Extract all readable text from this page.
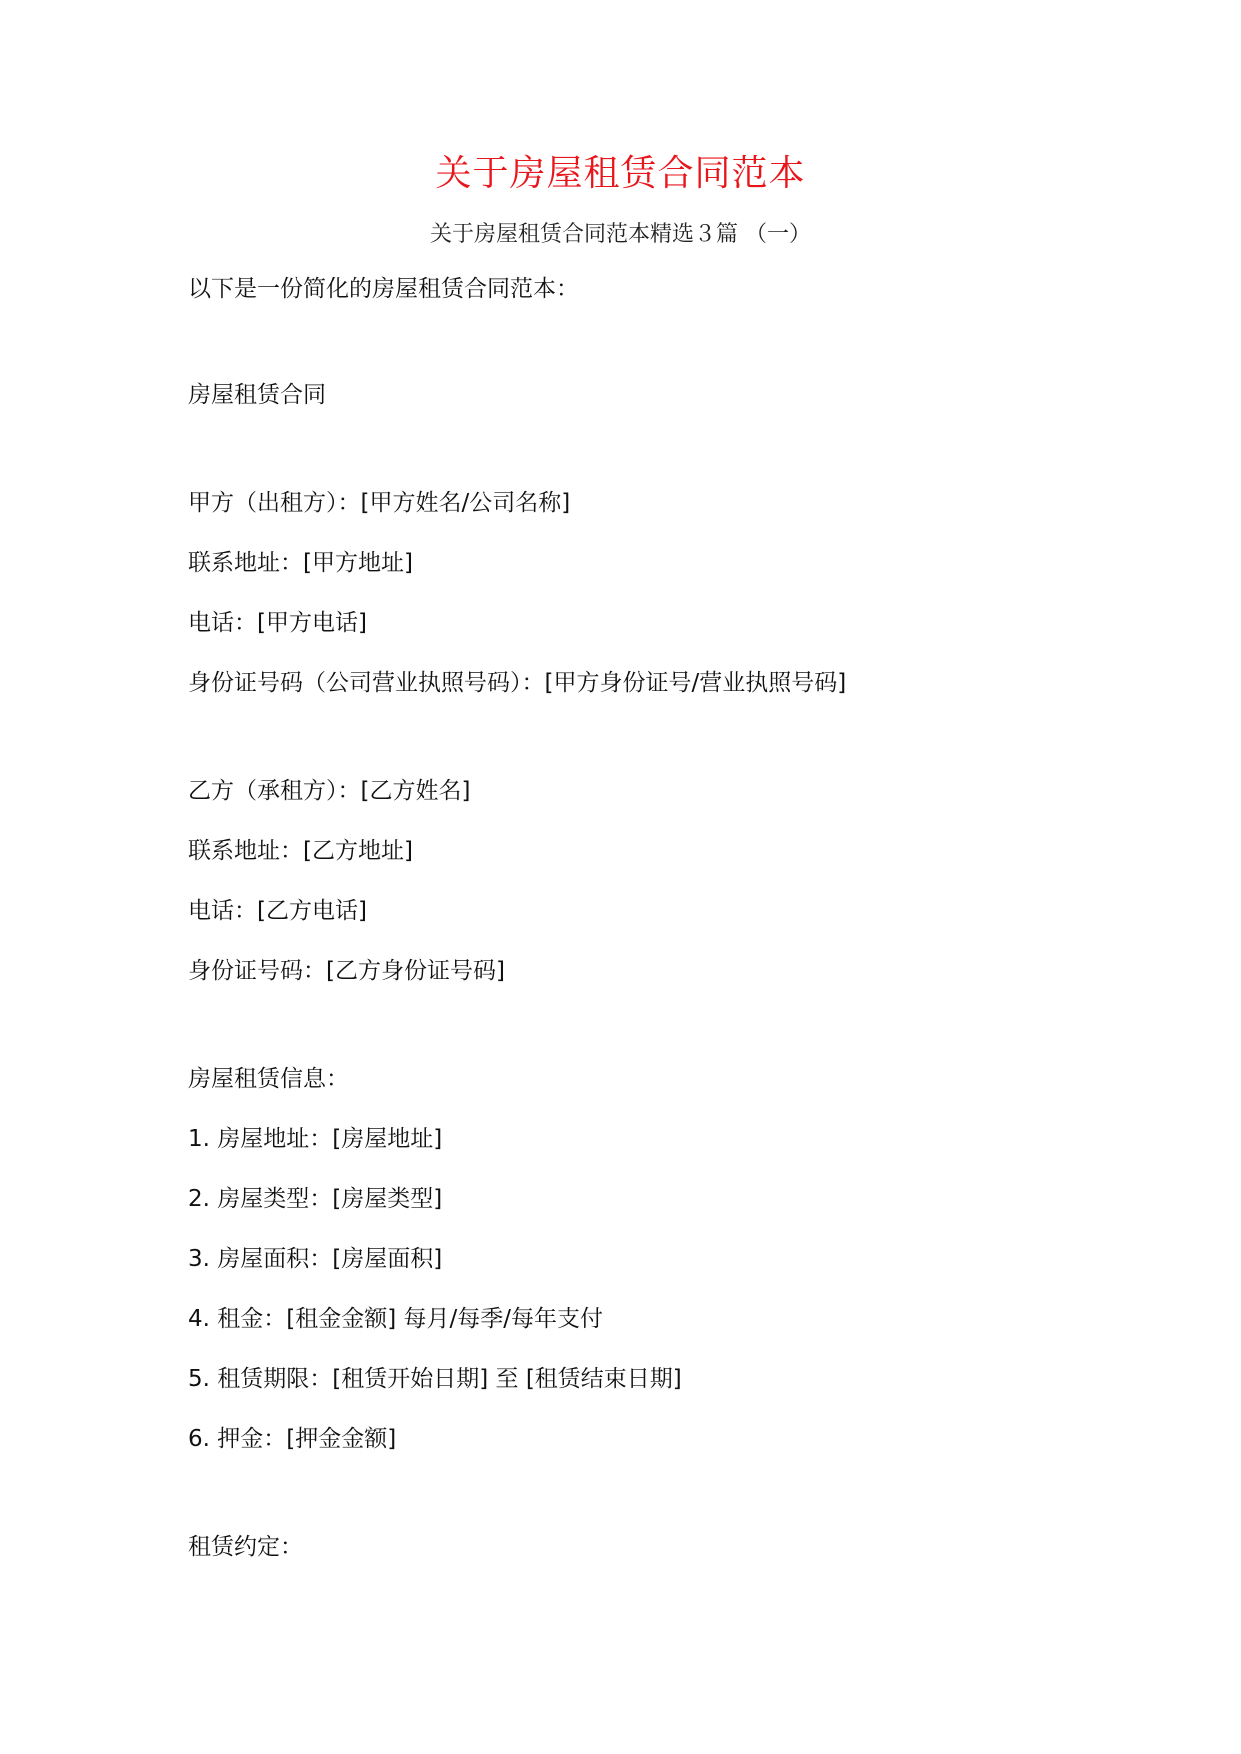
关于房屋租赁合同范本
关于房屋租赁合同范本精选３篇 （一）
以下是一份简化的房屋租赁合同范本：
房屋租赁合同
甲方（出租方）：[甲方姓名/公司名称]
联系地址：[甲方地址]
电话：[甲方电话]
身份证号码（公司营业执照号码）：[甲方身份证号/营业执照号码]
乙方（承租方）：[乙方姓名]
联系地址：[乙方地址]
电话：[乙方电话]
身份证号码：[乙方身份证号码]
房屋租赁信息：
1. 房屋地址：[房屋地址]
2. 房屋类型：[房屋类型]
3. 房屋面积：[房屋面积]
4. 租金：[租金金额] 每月/每季/每年支付
5. 租赁期限：[租赁开始日期] 至 [租赁结束日期]
6. 押金：[押金金额]
租赁约定：
